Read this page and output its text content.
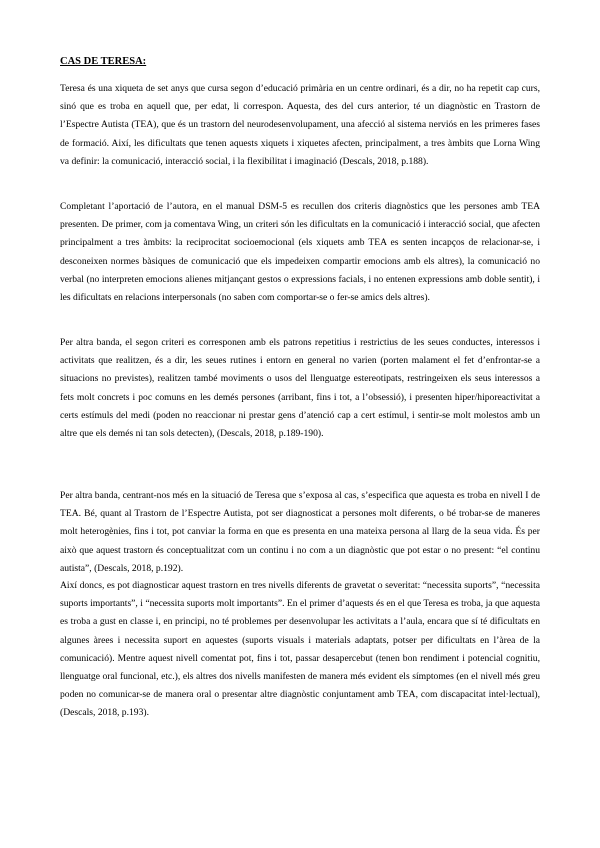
CAS DE TERESA:

Teresa és una xiqueta de set anys que cursa segon d’educació primària en un centre ordinari, és a dir, no ha repetit cap curs, sinó que es troba en aquell que, per edat, li correspon. Aquesta, des del curs anterior, té un diagnòstic en Trastorn de l’Espectre Autista (TEA), que és un trastorn del neurodesenvolupament, una afecció al sistema nerviós en les primeres fases de formació. Així, les dificultats que tenen aquests xiquets i xiquetes afecten, principalment, a tres àmbits que Lorna Wing va definir: la comunicació, interacció social, i la flexibilitat i imaginació (Descals, 2018, p.188).

Completant l’aportació de l’autora, en el manual DSM-5 es recullen dos criteris diagnòstics que les persones amb TEA presenten. De primer, com ja comentava Wing, un criteri són les dificultats en la comunicació i interacció social, que afecten principalment a tres àmbits: la reciprocitat socioemocional (els xiquets amb TEA es senten incapços de relacionar-se, i desconeixen normes bàsiques de comunicació que els impedeixen compartir emocions amb els altres), la comunicació no verbal (no interpreten emocions alienes mitjançant gestos o expressions facials, i no entenen expressions amb doble sentit), i les dificultats en relacions interpersonals (no saben com comportar-se o fer-se amics dels altres).

Per altra banda, el segon criteri es corresponen amb els patrons repetitius i restrictius de les seues conductes, interessos i activitats que realitzen, és a dir, les seues rutines i entorn en general no varien (porten malament el fet d’enfrontar-se a situacions no previstes), realitzen també moviments o usos del llenguatge estereotipats, restringeixen els seus interessos a fets molt concrets i poc comuns en les demés persones (arribant, fins i tot, a l’obsessió), i presenten hiper/hiporeactivitat a certs estímuls del medi (poden no reaccionar ni prestar gens d’atenció cap a cert estímul, i sentir-se molt molestos amb un altre que els demés ni tan sols detecten), (Descals, 2018, p.189-190).

Per altra banda, centrant-nos més en la situació de Teresa que s’exposa al cas, s’especifica que aquesta es troba en nivell I de TEA. Bé, quant al Trastorn de l’Espectre Autista, pot ser diagnosticat a persones molt diferents, o bé trobar-se de maneres molt heterogènies, fins i tot, pot canviar la forma en que es presenta en una mateixa persona al llarg de la seua vida. És per això que aquest trastorn és conceptualitzat com un continu i no com a un diagnòstic que pot estar o no present: “el continu autista”, (Descals, 2018, p.192).

Així doncs, es pot diagnosticar aquest trastorn en tres nivells diferents de gravetat o severitat: “necessita suports”, “necessita suports importants”, i “necessita suports molt importants”. En el primer d’aquests és en el que Teresa es troba, ja que aquesta es troba a gust en classe i, en principi, no té problemes per desenvolupar les activitats a l’aula, encara que sí té dificultats en algunes àrees i necessita suport en aquestes (suports visuals i materials adaptats, potser per dificultats en l’àrea de la comunicació). Mentre aquest nivell comentat pot, fins i tot, passar desapercebut (tenen bon rendiment i potencial cognitiu, llenguatge oral funcional, etc.), els altres dos nivells manifesten de manera més evident els símptomes (en el nivell més greu poden no comunicar-se de manera oral o presentar altre diagnòstic conjuntament amb TEA, com discapacitat intel·lectual), (Descals, 2018, p.193).
